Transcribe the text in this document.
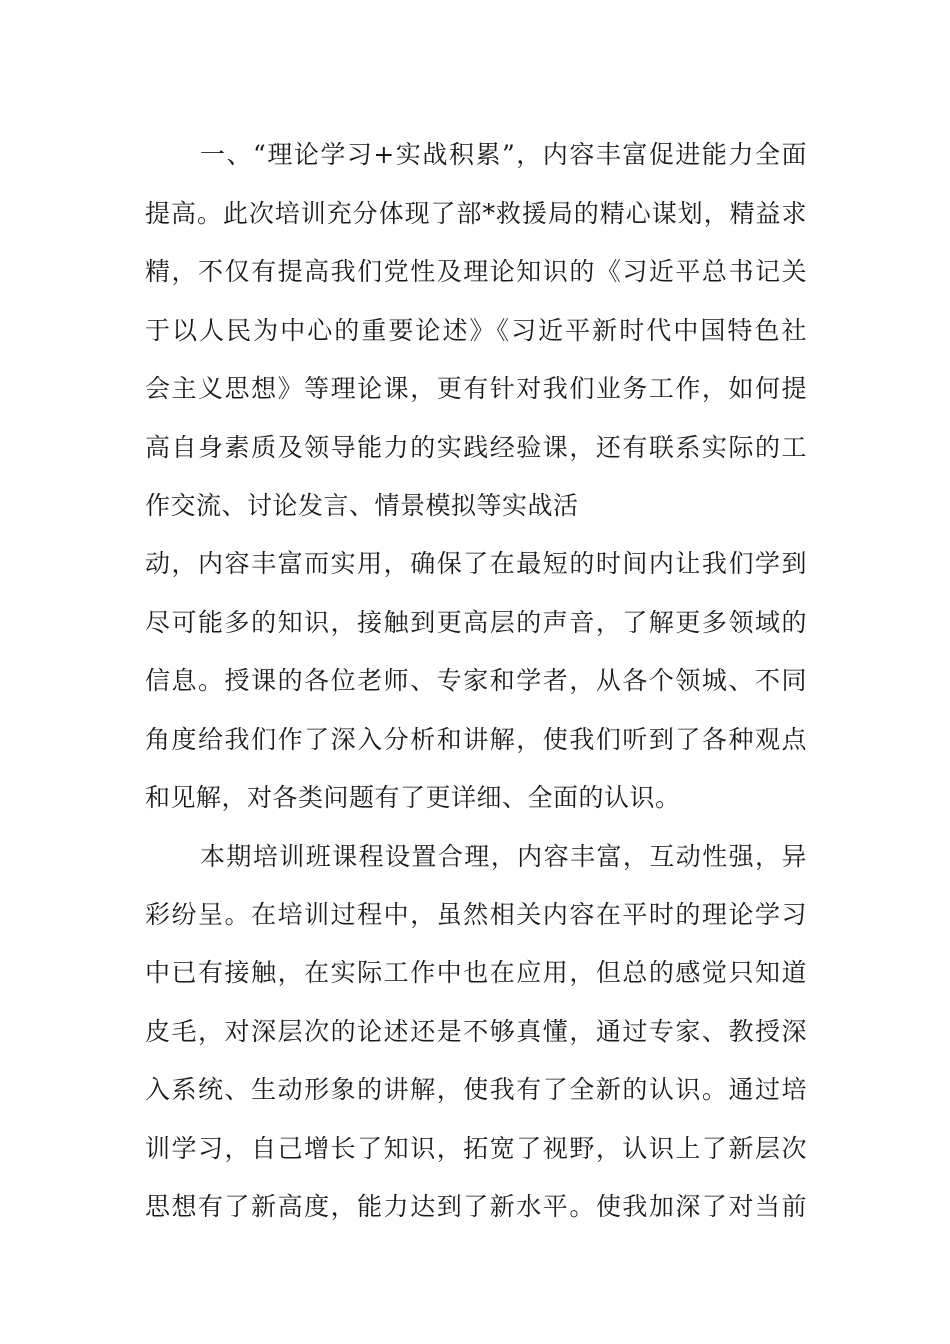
一、“理论学习+实战积累”，内容丰富促进能力全面
提高。此次培训充分体现了部*救援局的精心谋划，精益求
精，不仅有提高我们党性及理论知识的《习近平总书记关
于以人民为中心的重要论述》《习近平新时代中国特色社
会主义思想》等理论课，更有针对我们业务工作，如何提
高自身素质及领导能力的实践经验课，还有联系实际的工
作交流、讨论发言、情景模拟等实战活
动，内容丰富而实用，确保了在最短的时间内让我们学到
尽可能多的知识，接触到更高层的声音，了解更多领域的
信息。授课的各位老师、专家和学者，从各个领城、不同
角度给我们作了深入分析和讲解，使我们听到了各种观点
和见解，对各类问题有了更详细、全面的认识。
本期培训班课程设置合理，内容丰富，互动性强，异
彩纷呈。在培训过程中，虽然相关内容在平时的理论学习
中已有接触，在实际工作中也在应用，但总的感觉只知道
皮毛，对深层次的论述还是不够真懂，通过专家、教授深
入系统、生动形象的讲解，使我有了全新的认识。通过培
训学习，自己增长了知识，拓宽了视野，认识上了新层次
思想有了新高度，能力达到了新水平。使我加深了对当前
